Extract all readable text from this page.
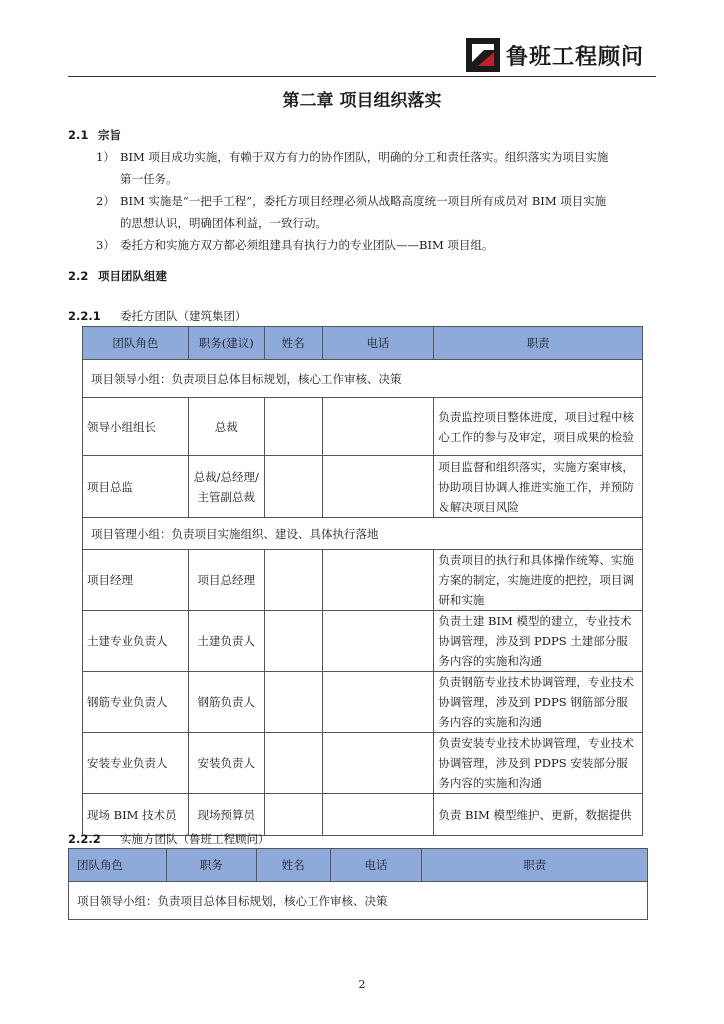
鲁班工程顾问
第二章 项目组织落实
2.1 宗旨
1） BIM 项目成功实施，有赖于双方有力的协作团队，明确的分工和责任落实。组织落实为项目实施
第一任务。
2） BIM 实施是“一把手工程”，委托方项目经理必须从战略高度统一项目所有成员对 BIM 项目实施
的思想认识，明确团体利益，一致行动。
3） 委托方和实施方双方都必须组建具有执行力的专业团队——BIM 项目组。
2.2 项目团队组建
2.2.1 委托方团队（建筑集团）
团队角色	职务(建议)	姓名	电话	职责
项目领导小组：负责项目总体目标规划，核心工作审核、决策				
领导小组组长	总裁			负责监控项目整体进度，项目过程中核心工作的参与及审定，项目成果的检验
项目总监	总裁/总经理/主管副总裁			项目监督和组织落实，实施方案审核，协助项目协调人推进实施工作，并预防＆解决项目风险
项目管理小组：负责项目实施组织、建设、具体执行落地				
项目经理	项目总经理			负责项目的执行和具体操作统筹、实施方案的制定，实施进度的把控，项目调研和实施
土建专业负责人	土建负责人			负责土建 BIM 模型的建立，专业技术协调管理，涉及到 PDPS 土建部分服务内容的实施和沟通
钢筋专业负责人	钢筋负责人			负责钢筋专业技术协调管理，专业技术协调管理，涉及到 PDPS 钢筋部分服务内容的实施和沟通
安装专业负责人	安装负责人			负责安装专业技术协调管理，专业技术协调管理，涉及到 PDPS 安装部分服务内容的实施和沟通
现场 BIM 技术员	现场预算员			负责 BIM 模型维护、更新，数据提供
2.2.2 实施方团队（鲁班工程顾问）
团队角色	职务	姓名	电话	职责
项目领导小组：负责项目总体目标规划，核心工作审核、决策
2
